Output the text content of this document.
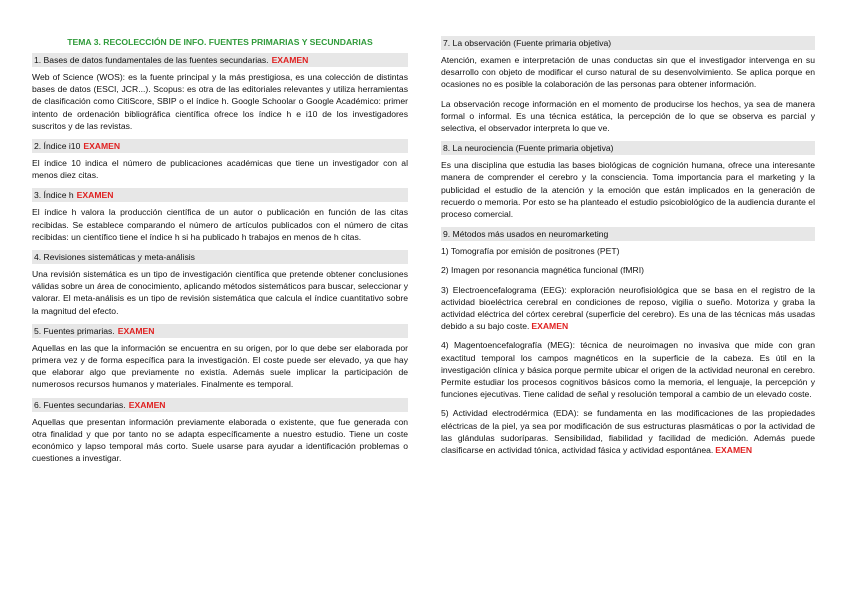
TEMA 3. RECOLECCIÓN DE INFO. FUENTES PRIMARIAS Y SECUNDARIAS
1. Bases de datos fundamentales de las fuentes secundarias. EXAMEN

Web of Science (WOS): es la fuente principal y la más prestigiosa, es una colección de distintas bases de datos (ESCI, JCR...). Scopus: es otra de las editoriales relevantes y utiliza herramientas de clasificación como CitiScore, SBIP o el índice h. Google Schoolar o Google Académico: primer intento de ordenación bibliográfica científica ofrece los índice h e i10 de los investigadores suscritos y de las revistas.

2. Índice i10 EXAMEN

El índice 10 indica el número de publicaciones académicas que tiene un investigador con al menos diez citas.

3. Índice h EXAMEN

El índice h valora la producción científica de un autor o publicación en función de las citas recibidas. Se establece comparando el número de artículos publicados con el número de citas recibidas: un científico tiene el índice h si ha publicado h trabajos en menos de h citas.

4. Revisiones sistemáticas y meta-análisis

Una revisión sistemática es un tipo de investigación científica que pretende obtener conclusiones válidas sobre un área de conocimiento, aplicando métodos sistemáticos para buscar, seleccionar y valorar. El meta-análisis es un tipo de revisión sistemática que calcula el índice cuantitativo sobre la magnitud del efecto.

5. Fuentes primarias. EXAMEN

Aquellas en las que la información se encuentra en su origen, por lo que debe ser elaborada por primera vez y de forma específica para la investigación. El coste puede ser elevado, ya que hay que elaborar algo que previamente no existía. Además suele implicar la participación de numerosos recursos humanos y materiales. Finalmente es temporal.

6. Fuentes secundarias. EXAMEN

Aquellas que presentan información previamente elaborada o existente, que fue generada con otra finalidad y que por tanto no se adapta específicamente a nuestro estudio. Tiene un coste económico y lapso temporal más corto. Suele usarse para ayudar a identificación problemas o cuestiones a investigar.

7. La observación (Fuente primaria objetiva)

Atención, examen e interpretación de unas conductas sin que el investigador intervenga en su desarrollo con objeto de modificar el curso natural de su desenvolvimiento. Se aplica porque en ocasiones no es posible la colaboración de las personas para obtener información.

La observación recoge información en el momento de producirse los hechos, ya sea de manera formal o informal. Es una técnica estática, la percepción de lo que se observa es parcial y selectiva, el observador interpreta lo que ve.

8. La neurociencia (Fuente primaria objetiva)

Es una disciplina que estudia las bases biológicas de cognición humana, ofrece una interesante manera de comprender el cerebro y la consciencia. Toma importancia para el marketing y la publicidad el estudio de la atención y la emoción que están implicados en la generación de recuerdo o memoria. Por esto se ha planteado el estudio psicobiológico de la audiencia durante el proceso comercial.

9. Métodos más usados en neuromarketing

1) Tomografía por emisión de positrones (PET)

2) Imagen por resonancia magnética funcional (fMRI)

3) Electroencefalograma (EEG): exploración neurofisiológica que se basa en el registro de la actividad bioeléctrica cerebral en condiciones de reposo, vigilia o sueño. Motoriza y graba la actividad eléctrica del córtex cerebral (superficie del cerebro). Es una de las técnicas más usadas debido a su bajo coste. EXAMEN

4) Magentoencefalografía (MEG): técnica de neuroimagen no invasiva que mide con gran exactitud temporal los campos magnéticos en la superficie de la cabeza. Es útil en la investigación clínica y básica porque permite ubicar el origen de la actividad neuronal en cerebro. Permite estudiar los procesos cognitivos básicos como la memoria, el lenguaje, la percepción y funciones ejecutivas. Tiene calidad de señal y resolución temporal a cambio de un elevado coste.

5) Actividad electrodérmica (EDA): se fundamenta en las modificaciones de las propiedades eléctricas de la piel, ya sea por modificación de sus estructuras plasmáticas o por la actividad de las glándulas sudoríparas. Sensibilidad, fiabilidad y facilidad de medición. Además puede clasificarse en actividad tónica, actividad fásica y actividad espontánea. EXAMEN
